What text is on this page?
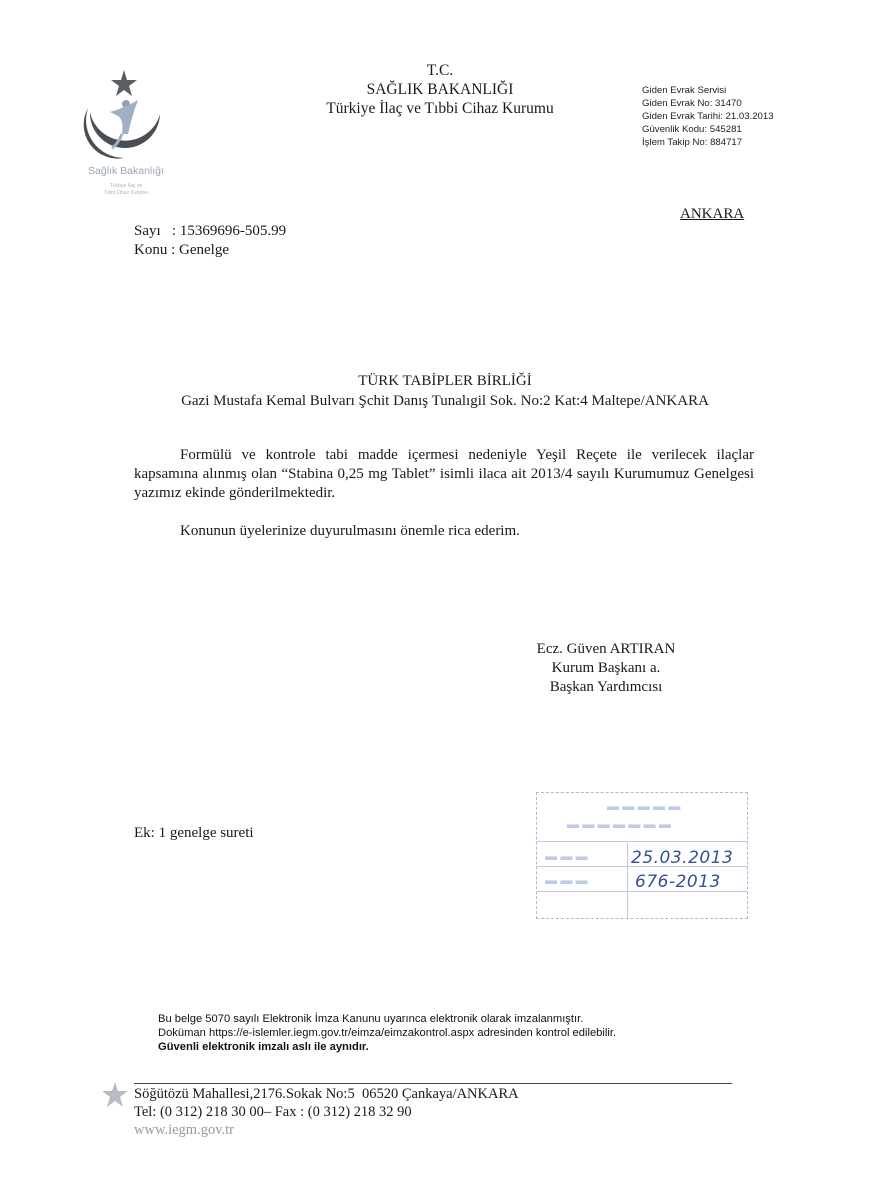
Sağlık Bakanlığı
Türkiye İlaç ve
Tıbbi Cihaz Kurumu
T.C.
SAĞLIK BAKANLIĞI
Türkiye İlaç ve Tıbbi Cihaz Kurumu
Giden Evrak Servisi
Giden Evrak No: 31470
Giden Evrak Tarihi: 21.03.2013
Güvenlik Kodu: 545281
İşlem Takip No: 884717
ANKARA
Sayı   : 15369696-505.99
Konu : Genelge
TÜRK TABİPLER BİRLİĞİ
Gazi Mustafa Kemal Bulvarı Şchit Danış Tunalıgil Sok. No:2 Kat:4 Maltepe/ANKARA

Formülü ve kontrole tabi madde içermesi nedeniyle Yeşil Reçete ile verilecek ilaçlar kapsamına alınmış olan “Stabina 0,25 mg Tablet” isimli ilaca ait 2013/4 sayılı Kurumumuz Genelgesi yazımız ekinde gönderilmektedir.

Konunun üyelerinize duyurulmasını önemle rica ederim.

Ecz. Güven ARTIRAN
Kurum Başkanı a.
Başkan Yardımcısı
Ek: 1 genelge sureti
▬ ▬ ▬ ▬ ▬
▬ ▬ ▬ ▬ ▬ ▬ ▬
▬ ▬ ▬
▬ ▬ ▬
25.03.2013
676-2013
Bu belge 5070 sayılı Elektronik İmza Kanunu uyarınca elektronik olarak imzalanmıştır.
Doküman https://e-islemler.iegm.gov.tr/eimza/eimzakontrol.aspx adresinden kontrol edilebilir.
Güvenli elektronik imzalı aslı ile aynıdır.
Söğütözü Mahallesi,2176.Sokak No:5  06520 Çankaya/ANKARA
Tel: (0 312) 218 30 00– Fax : (0 312) 218 32 90
www.iegm.gov.tr
